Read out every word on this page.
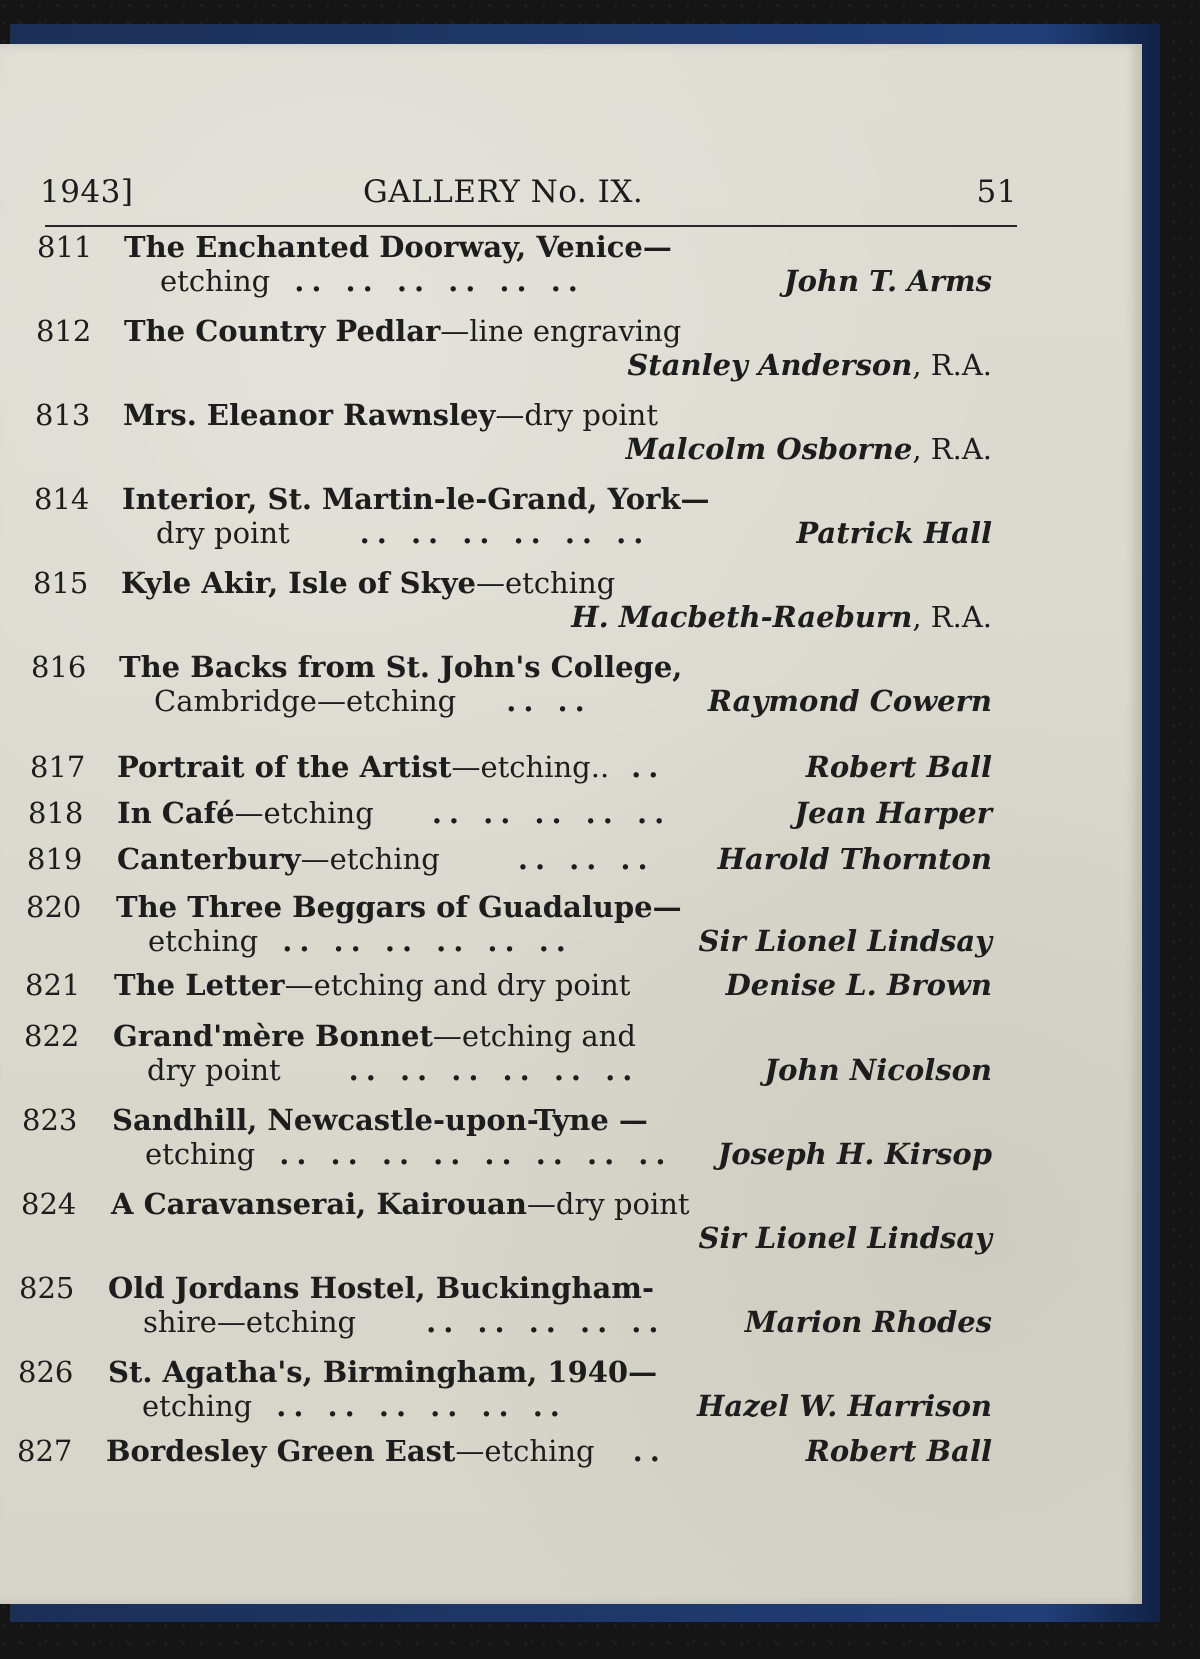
1943]	GALLERY No. IX.	51
811	The Enchanted Doorway, Venice—
etching .. .. .. .. .. ..	John T. Arms
812	The Country Pedlar—line engraving
Stanley Anderson, R.A.
813	Mrs. Eleanor Rawnsley—dry point
Malcolm Osborne, R.A.
814	Interior, St. Martin-le-Grand, York—
dry point .. .. .. .. .. ..	Patrick Hall
815	Kyle Akir, Isle of Skye—etching
H. Macbeth-Raeburn, R.A.
816	The Backs from St. John's College,
Cambridge—etching .. ..	Raymond Cowern
817	Portrait of the Artist—etching.. ..	Robert Ball
818	In Café—etching .. .. .. .. ..	Jean Harper
819	Canterbury—etching	.. .. ..	Harold Thornton
820	The Three Beggars of Guadalupe—
etching .. .. .. .. .. ..	Sir Lionel Lindsay
821	The Letter—etching and dry point	Denise L. Brown
822	Grand'mère Bonnet—etching and
dry point .. .. .. .. .. ..	John Nicolson
823	Sandhill, Newcastle-upon-Tyne —
etching .. .. .. .. .. .. .. .. Joseph H. Kirsop
824	A Caravanserai, Kairouan—dry point
Sir Lionel Lindsay
825	Old Jordans Hostel, Buckingham-
shire—etching .. .. .. .. ..	Marion Rhodes
826	St. Agatha's, Birmingham, 1940—
etching .. .. .. .. .. ..	Hazel W. Harrison
827	Bordesley Green East—etching ..	Robert Ball
